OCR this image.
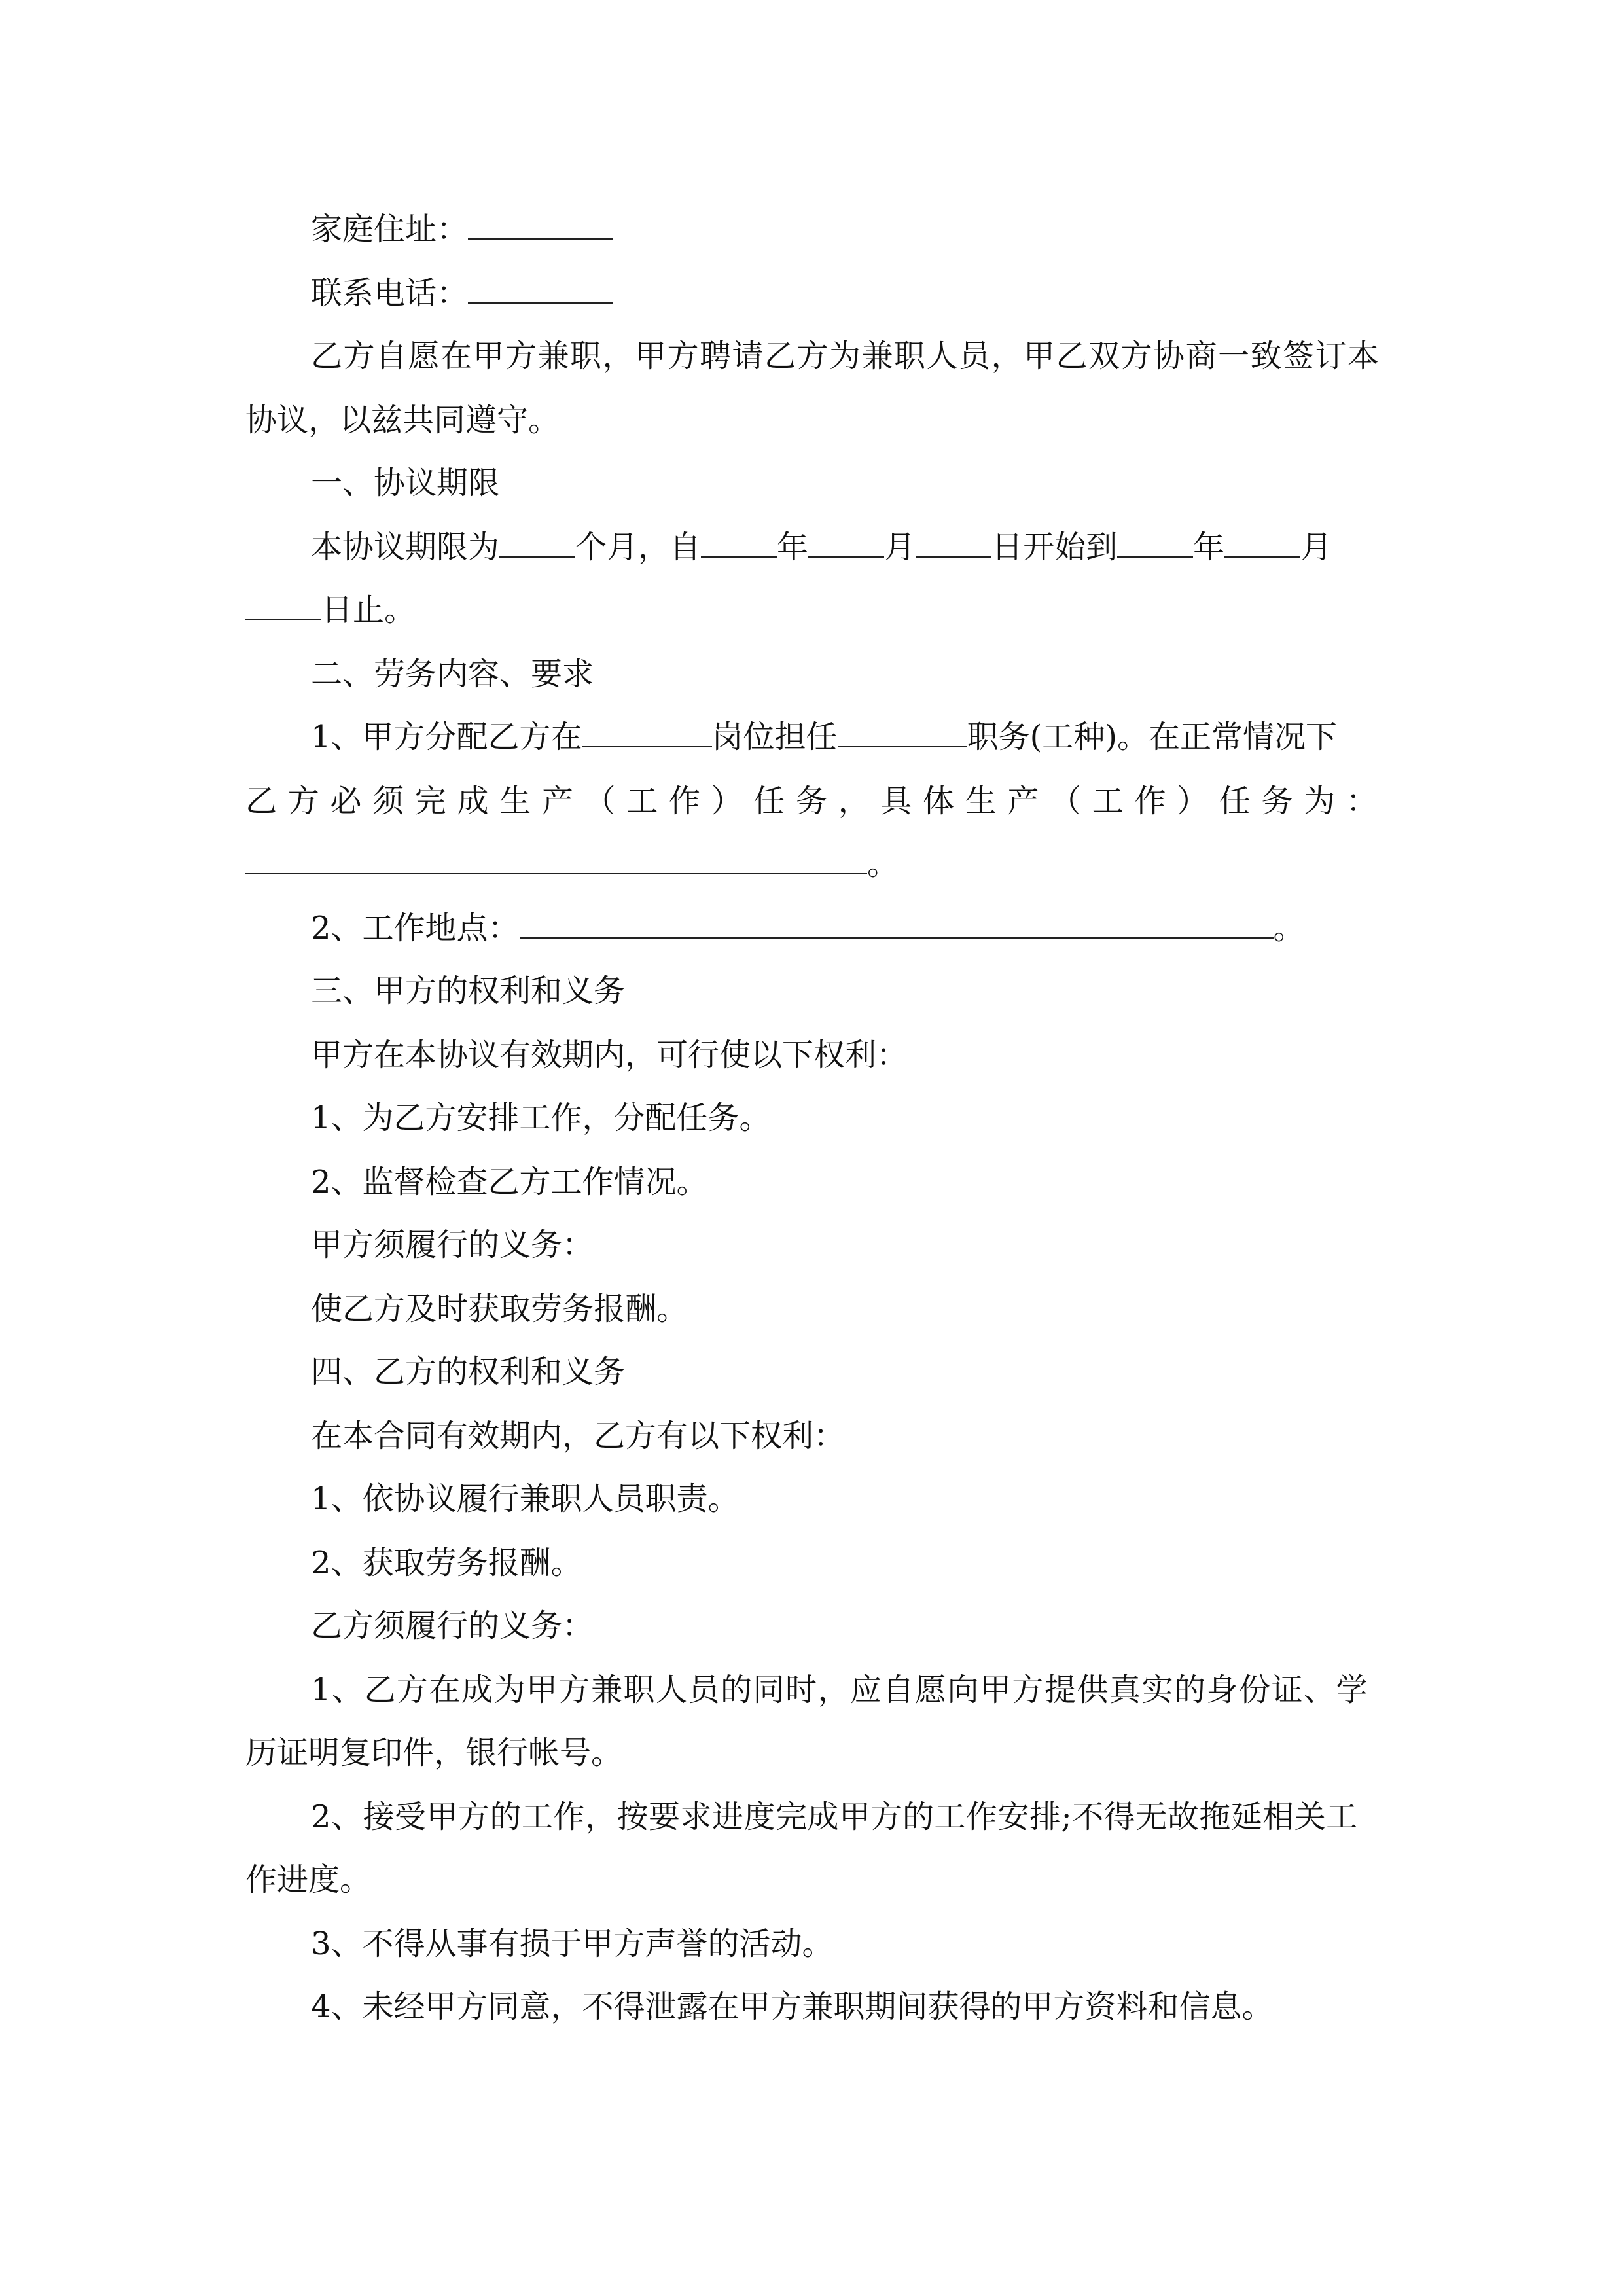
家庭住址：
联系电话：
乙方自愿在甲方兼职，甲方聘请乙方为兼职人员，甲乙双方协商一致签订本
协议，以兹共同遵守。
一、协议期限
本协议期限为 个月，自 年 月 日开始到 年 月
日止。
二、劳务内容、要求
1、甲方分配乙方在	岗位担任	职务(工种)。在正常情况下
乙 方 必 须 完 成 生 产 （ 工 作 ） 任 务 ， 具 体 生 产 （ 工 作 ） 任 务 为 ：
。
2、工作地点：	。
三、甲方的权利和义务
甲方在本协议有效期内，可行使以下权利：
1、为乙方安排工作，分配任务。
2、监督检查乙方工作情况。
甲方须履行的义务：
使乙方及时获取劳务报酬。
四、乙方的权利和义务
在本合同有效期内，乙方有以下权利：
1、依协议履行兼职人员职责。
2、获取劳务报酬。
乙方须履行的义务：
1、乙方在成为甲方兼职人员的同时，应自愿向甲方提供真实的身份证、学
历证明复印件，银行帐号。
2、接受甲方的工作，按要求进度完成甲方的工作安排;不得无故拖延相关工
作进度。
3、不得从事有损于甲方声誉的活动。
4、未经甲方同意，不得泄露在甲方兼职期间获得的甲方资料和信息。
